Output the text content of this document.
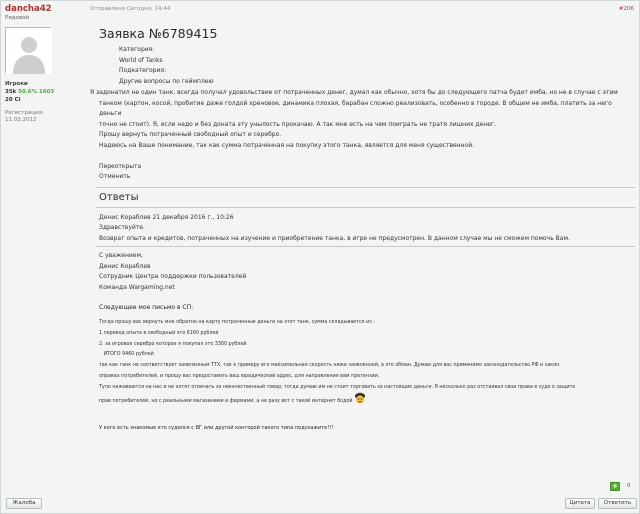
dancha42
Рядовой
Игроки
35k 50.6% 1603
20 Ci
Регистрация:
11.03.2012
Отправлено Сегодня, 14:44	#206
Заявка №6789415
Категория:
World of Tanks
Подкатегория:
Другие вопросы по геймплею
Я задонатил не один танк, всегда получал удовольствие от потраченных денег, думал как обычно, хотя бы до следующего патча будет имба, но не в случае с этим
танком (картон, косой, пробитие даже голдой хреновое, динамика плохая, барабан сложно реализовать, особенно в городе. В общем не имба, платить за него деньги
точно не стоит). Я, если надо и без доната эту унылость прокачаю. А так мне есть на чем поиграть не тратя лишних денег.
Прошу вернуть потраченный свободный опыт и серебро.
Надеюсь на Ваше понимание, так как сумма потраченная на покупку этого танка, является для меня существенной.
Переоткрыта
Отменить
Ответы
Денис Кораблев 21 декабря 2016 г., 10:26
Здравствуйте.
Возврат опыта и кредитов, потраченных на изучение и приобретение танка, в игре не предусмотрен. В данном случае мы не сможем помочь Вам.
С уважением,
Денис Кораблев
Сотрудник Центра поддержки пользователей
Команда Wargaming.net
Следующее мое письмо в СП:
Тогда прошу вас вернуть мне обратно на карту потраченные деньги на этот танк, сумма складывается из :
1.перевод опыта в свободный это 6160 рублей
2. за игровое серебро которое я покупал это 3300 рублей
ИТОГО 9460 рублей
так как танк не соответствует заявленным ТТХ, так к примеру его максимальная скорость ниже заявленной, а это обман. Думаю для вас применимо законодательство РФ и закон
оправах потребителей, и прошу вас предоставить ваш юридический адрес, для направления вам претензии.
Тупо наживаются на нас и не хотят отвечать за некачественный товар, тогда думаю им не стоит торговать за настоящие деньги. Я несколько раз отстаивал свои права в суде о защите
прав потребителей, но с реальными магазинами и фирмами, а не разу вот с такой интернет бодой
У кого есть знакомые кто судился с ВГ или другой конторой такого типа подскажите!!!
+	0
Жалоба	Цитата	Ответить
